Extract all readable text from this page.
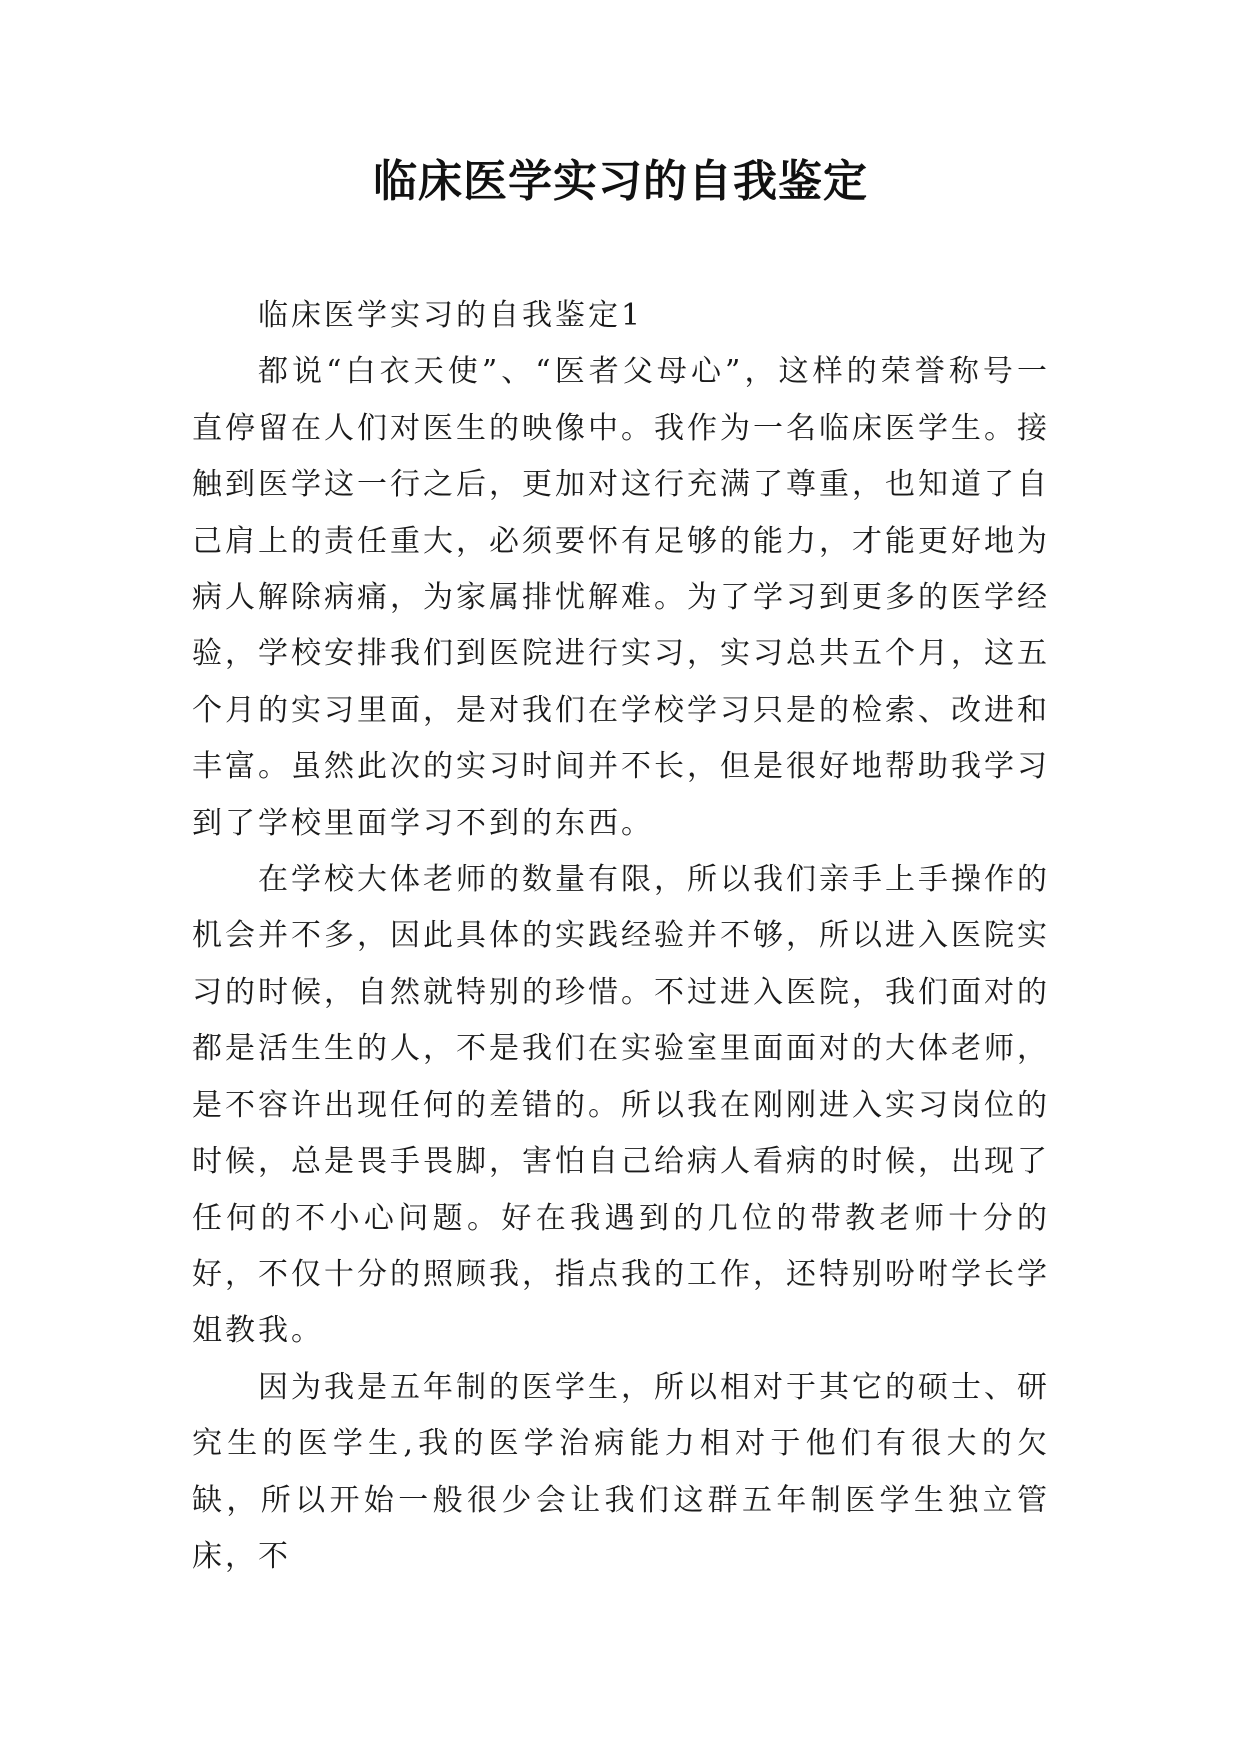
临床医学实习的自我鉴定

临床医学实习的自我鉴定1

都说“白衣天使”、“医者父母心”，这样的荣誉称号一直停留在人们对医生的映像中。我作为一名临床医学生。接触到医学这一行之后，更加对这行充满了尊重，也知道了自己肩上的责任重大，必须要怀有足够的能力，才能更好地为病人解除病痛，为家属排忧解难。为了学习到更多的医学经验，学校安排我们到医院进行实习，实习总共五个月，这五个月的实习里面，是对我们在学校学习只是的检索、改进和丰富。虽然此次的实习时间并不长，但是很好地帮助我学习到了学校里面学习不到的东西。

在学校大体老师的数量有限，所以我们亲手上手操作的机会并不多，因此具体的实践经验并不够，所以进入医院实习的时候，自然就特别的珍惜。不过进入医院，我们面对的都是活生生的人，不是我们在实验室里面面对的大体老师，是不容许出现任何的差错的。所以我在刚刚进入实习岗位的时候，总是畏手畏脚，害怕自己给病人看病的时候，出现了任何的不小心问题。好在我遇到的几位的带教老师十分的好，不仅十分的照顾我，指点我的工作，还特别吩咐学长学姐教我。

因为我是五年制的医学生，所以相对于其它的硕士、研究生的医学生,我的医学治病能力相对于他们有很大的欠缺，所以开始一般很少会让我们这群五年制医学生独立管床，不
